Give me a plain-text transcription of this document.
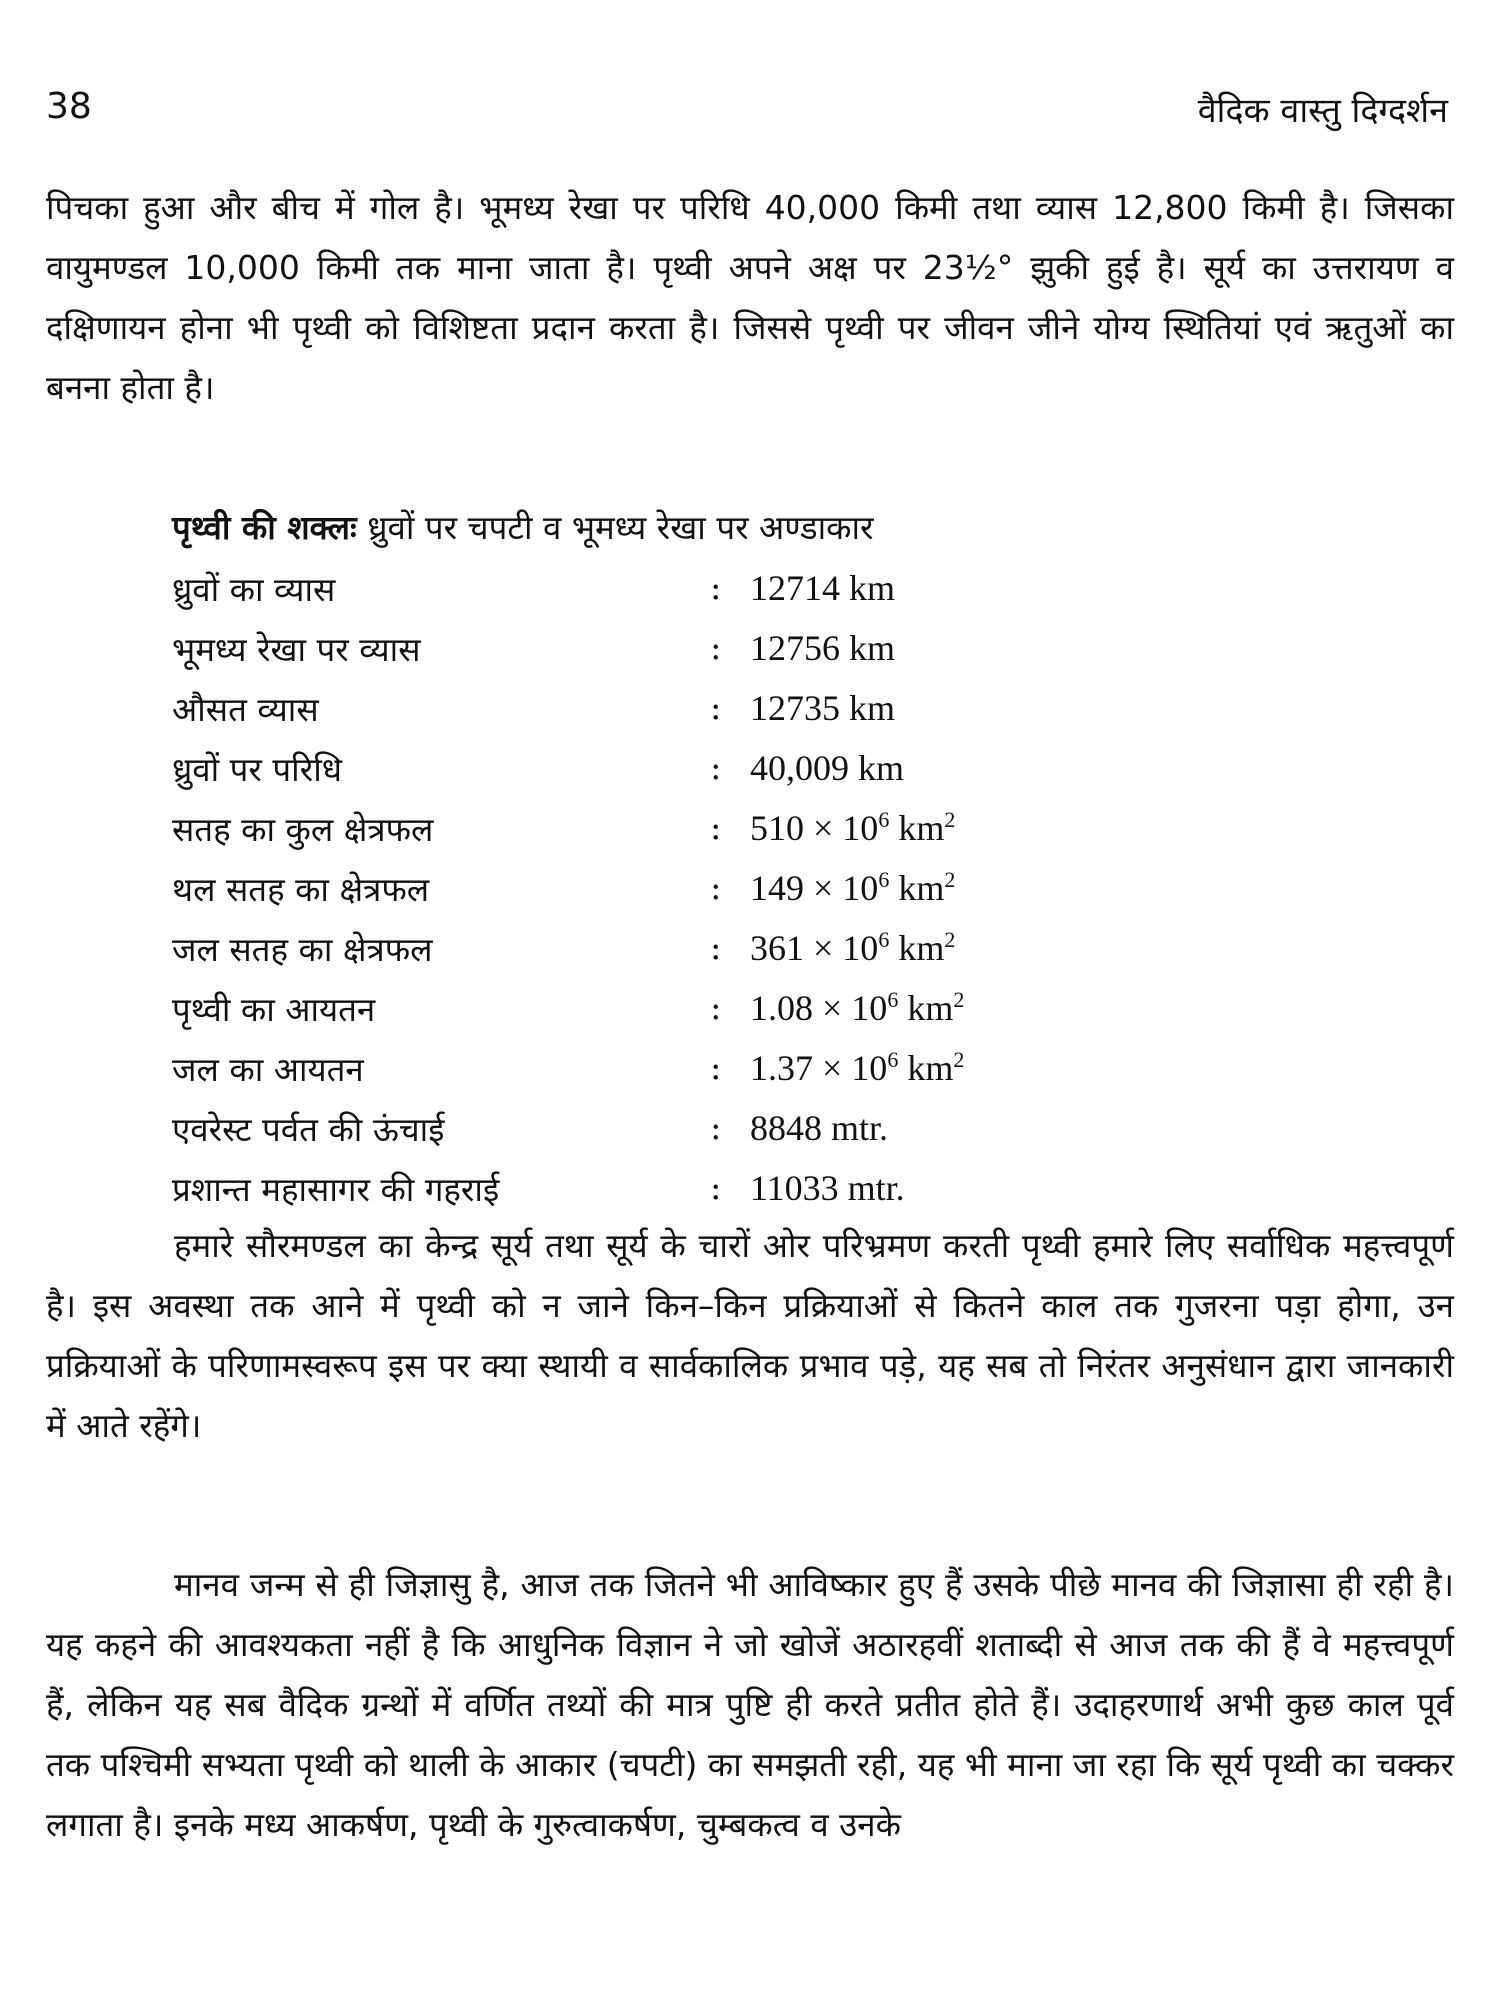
38	वैदिक वास्तु दिग्दर्शन

पिचका हुआ और बीच में गोल है। भूमध्य रेखा पर परिधि 40,000 किमी तथा व्यास 12,800 किमी है। जिसका वायुमण्डल 10,000 किमी तक माना जाता है। पृथ्वी अपने अक्ष पर 23½° झुकी हुई है। सूर्य का उत्तरायण व दक्षिणायन होना भी पृथ्वी को विशिष्टता प्रदान करता है। जिससे पृथ्वी पर जीवन जीने योग्य स्थितियां एवं ऋतुओं का बनना होता है।

पृथ्वी की शक्लः ध्रुवों पर चपटी व भूमध्य रेखा पर अण्डाकार

ध्रुवों का व्यास	: 12714 km
भूमध्य रेखा पर व्यास	: 12756 km
औसत व्यास	: 12735 km
ध्रुवों पर परिधि	: 40,009 km
सतह का कुल क्षेत्रफल	: $510 \times 10^6$ $km^2$
थल सतह का क्षेत्रफल	: $149 \times 10^6$ $km^2$
जल सतह का क्षेत्रफल	: $361 \times 10^6$ $km^2$
पृथ्वी का आयतन	: $1.08 \times 10^6$ $km^2$
जल का आयतन	: $1.37 \times 10^6$ $km^2$
एवरेस्ट पर्वत की ऊंचाई	: 8848 mtr.
प्रशान्त महासागर की गहराई	: 11033 mtr.

हमारे सौरमण्डल का केन्द्र सूर्य तथा सूर्य के चारों ओर परिभ्रमण करती पृथ्वी हमारे लिए सर्वाधिक महत्त्वपूर्ण है। इस अवस्था तक आने में पृथ्वी को न जाने किन–किन प्रक्रियाओं से कितने काल तक गुजरना पड़ा होगा, उन प्रक्रियाओं के परिणामस्वरूप इस पर क्या स्थायी व सार्वकालिक प्रभाव पड़े, यह सब तो निरंतर अनुसंधान द्वारा जानकारी में आते रहेंगे।

मानव जन्म से ही जिज्ञासु है, आज तक जितने भी आविष्कार हुए हैं उसके पीछे मानव की जिज्ञासा ही रही है। यह कहने की आवश्यकता नहीं है कि आधुनिक विज्ञान ने जो खोजें अठारहवीं शताब्दी से आज तक की हैं वे महत्त्वपूर्ण हैं, लेकिन यह सब वैदिक ग्रन्थों में वर्णित तथ्यों की मात्र पुष्टि ही करते प्रतीत होते हैं। उदाहरणार्थ अभी कुछ काल पूर्व तक पश्चिमी सभ्यता पृथ्वी को थाली के आकार (चपटी) का समझती रही, यह भी माना जा रहा कि सूर्य पृथ्वी का चक्कर लगाता है। इनके मध्य आकर्षण, पृथ्वी के गुरुत्वाकर्षण, चुम्बकत्व व उनके
